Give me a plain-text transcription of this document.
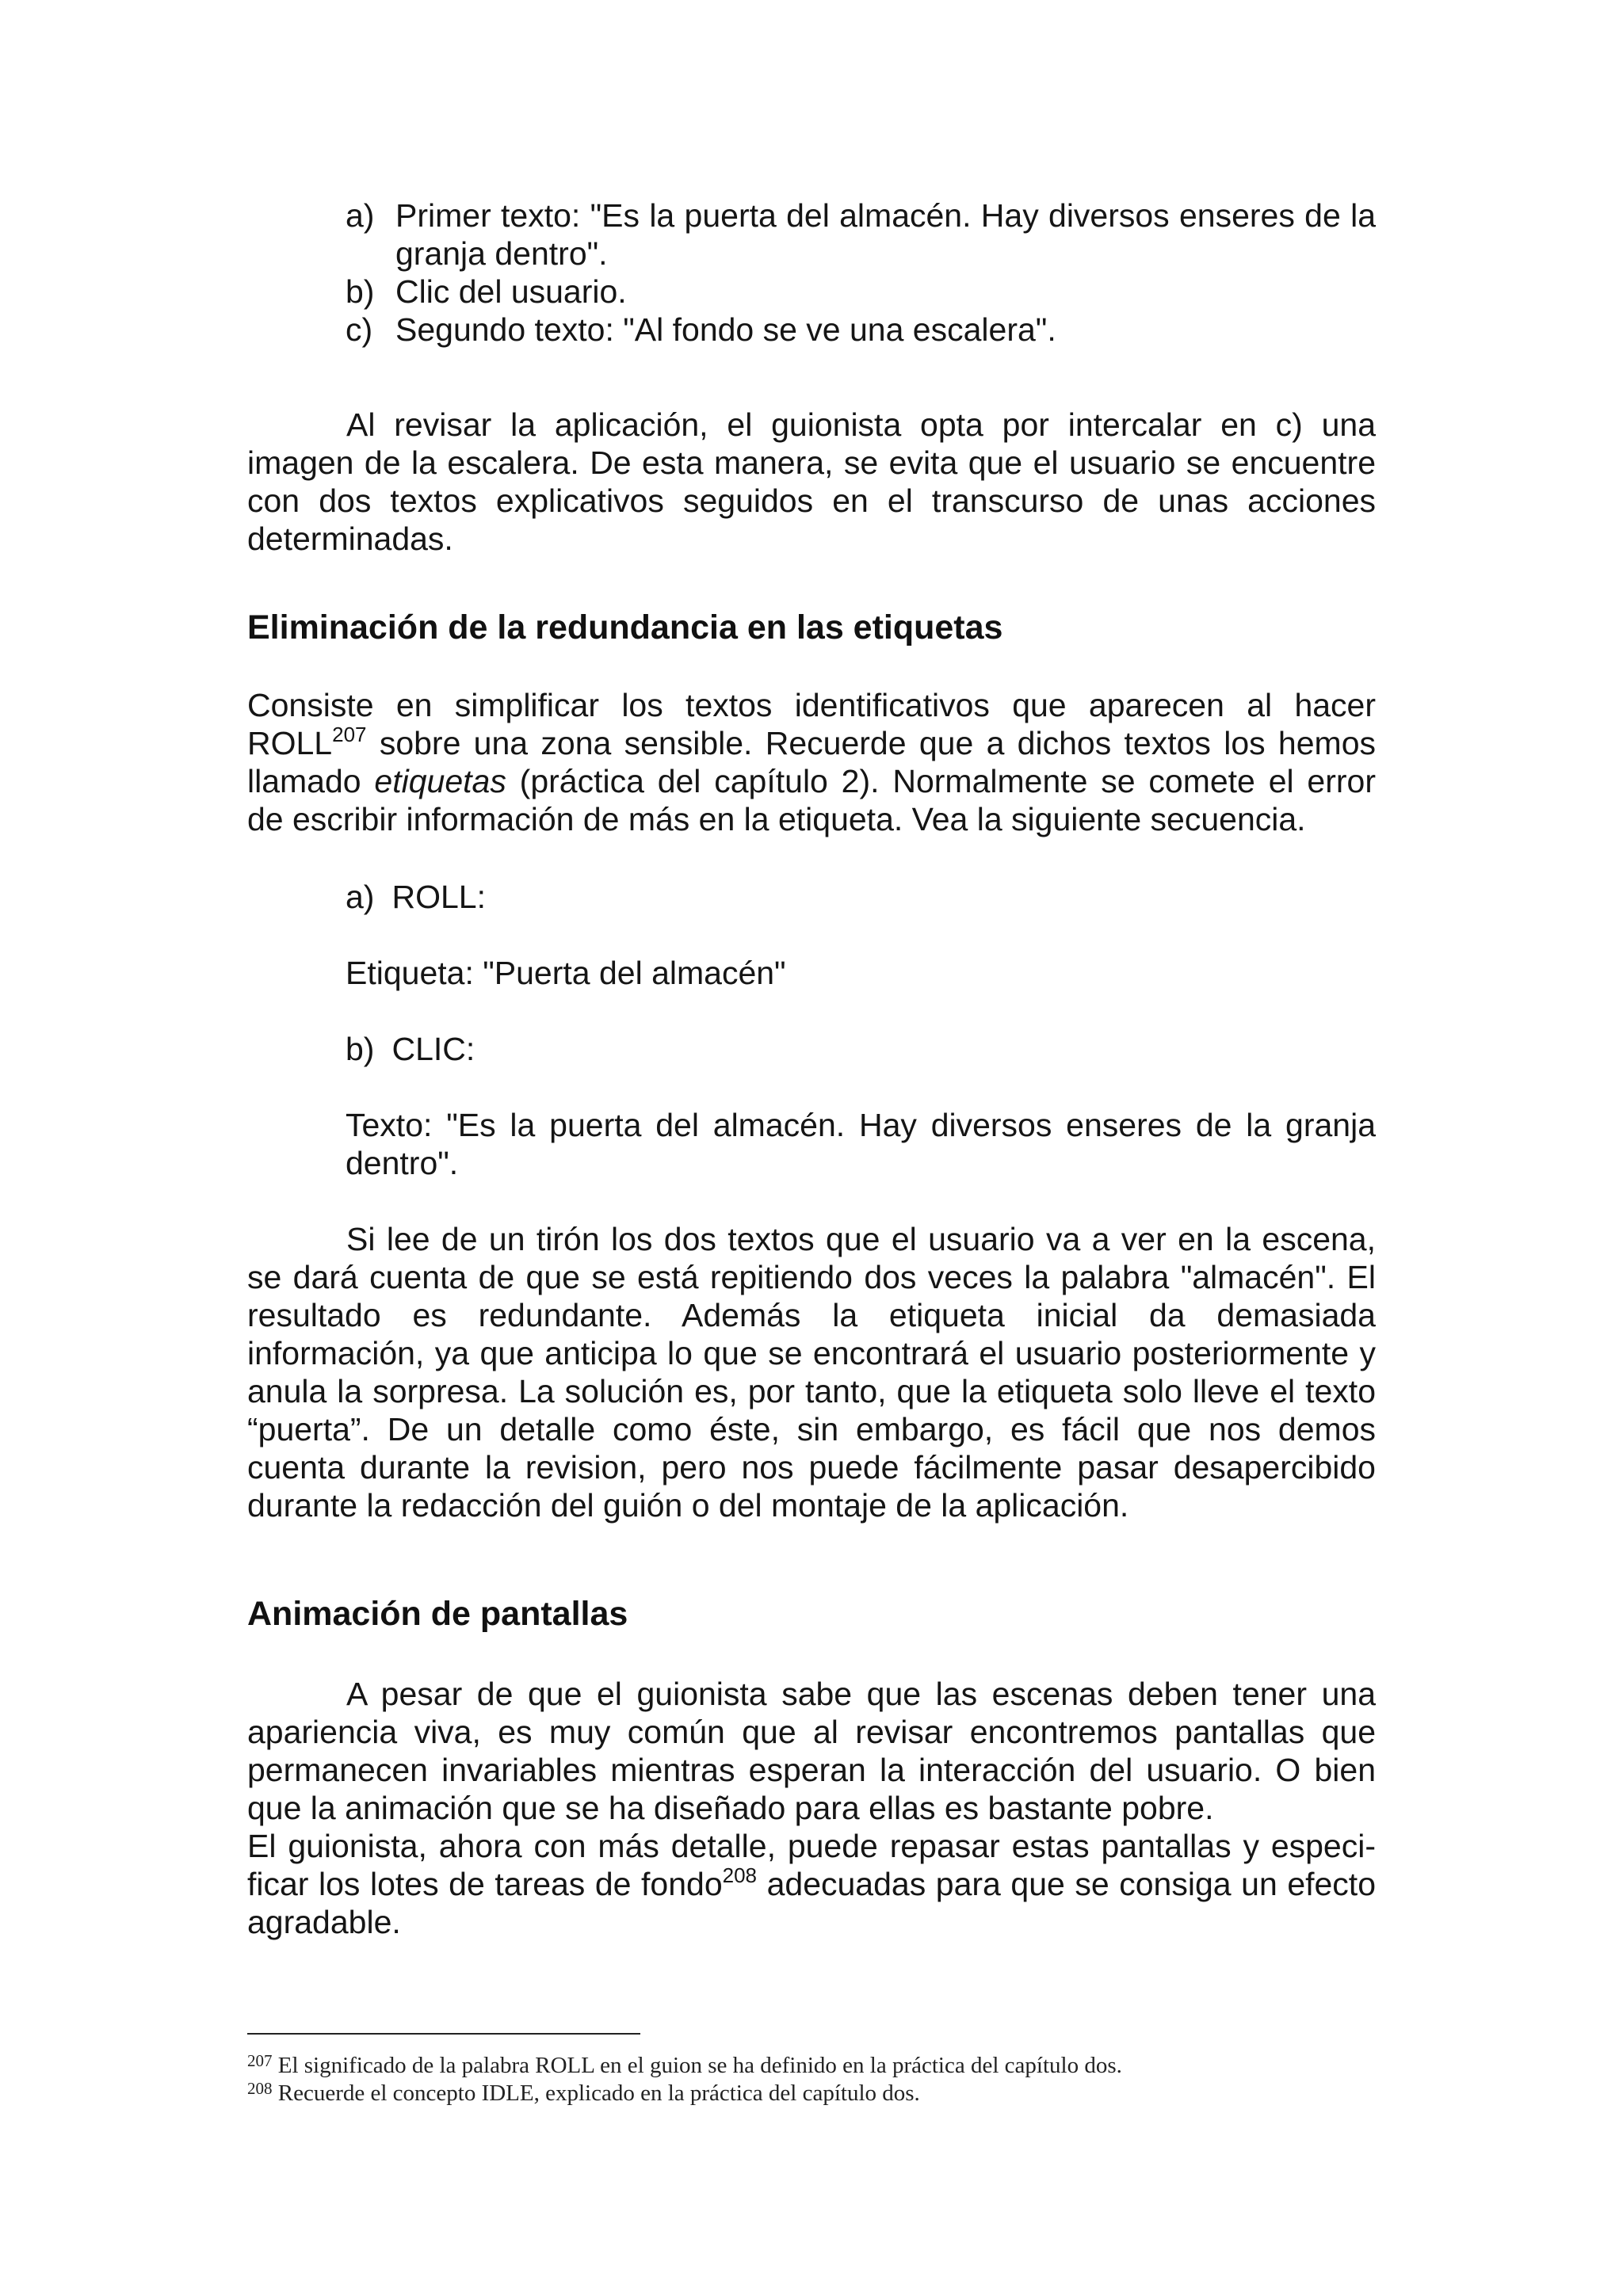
a) Primer texto: "Es la puerta del almacén. Hay diversos enseres de la granja dentro".
b) Clic del usuario.
c) Segundo texto: "Al fondo se ve una escalera".

Al revisar la aplicación, el guionista opta por intercalar en c) una imagen de la escalera. De esta manera, se evita que el usuario se encuentre con dos textos explicativos seguidos en el transcurso de unas acciones determinadas.

Eliminación de la redundancia en las etiquetas

Consiste en simplificar los textos identificativos que aparecen al hacer ROLL$^{207}$ sobre una zona sensible. Recuerde que a dichos textos los hemos llamado etiquetas (práctica del capítulo 2). Normalmente se comete el error de escribir información de más en la etiqueta. Vea la siguiente secuencia.

a) ROLL:

Etiqueta: "Puerta del almacén"

b) CLIC:

Texto: "Es la puerta del almacén. Hay diversos enseres de la granja dentro".

Si lee de un tirón los dos textos que el usuario va a ver en la escena, se dará cuenta de que se está repitiendo dos veces la palabra "almacén". El resultado es redundante. Además la etiqueta inicial da demasiada información, ya que anticipa lo que se encontrará el usuario posteriormente y anula la sorpresa. La solución es, por tanto, que la etiqueta solo lleve el texto “puerta”. De un detalle como éste, sin embargo, es fácil que nos demos cuenta durante la revision, pero nos puede fácilmente pasar desapercibido durante la redacción del guión o del montaje de la aplicación.

Animación de pantallas

A pesar de que el guionista sabe que las escenas deben tener una apariencia viva, es muy común que al revisar encontremos pantallas que permanecen invariables mientras esperan la interacción del usuario. O bien que la animación que se ha diseñado para ellas es bastante pobre.

El guionista, ahora con más detalle, puede repasar estas pantallas y especi-ficar los lotes de tareas de fondo$^{208}$ adecuadas para que se consiga un efecto agradable.

$^{207}$ El significado de la palabra ROLL en el guion se ha definido en la práctica del capítulo dos.

$^{208}$ Recuerde el concepto IDLE, explicado en la práctica del capítulo dos.
